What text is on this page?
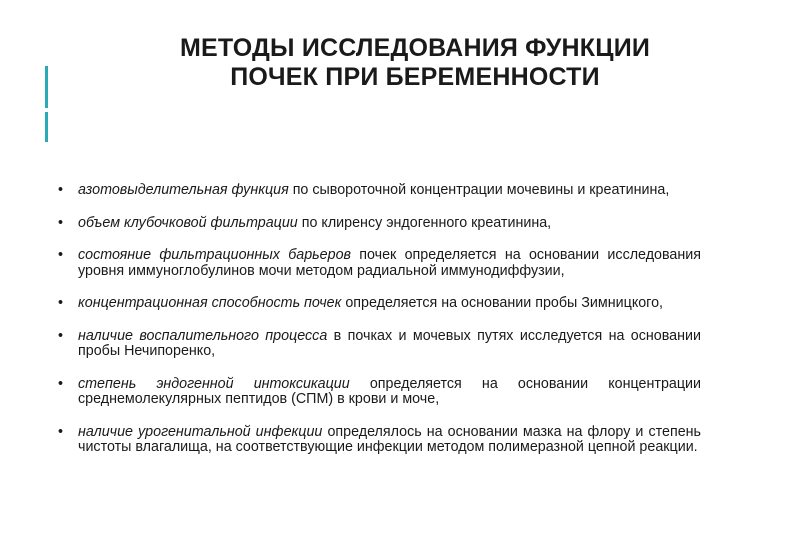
МЕТОДЫ ИССЛЕДОВАНИЯ ФУНКЦИИ
ПОЧЕК ПРИ БЕРЕМЕННОСТИ
• азотовыделительная функция по сывороточной концентрации мочевины и креатинина,
• объем клубочковой фильтрации по клиренсу эндогенного креатинина,
• состояние фильтрационных барьеров почек определяется на основании исследования уровня иммуноглобулинов мочи методом радиальной иммунодиффузии,
• концентрационная способность почек определяется на основании пробы Зимницкого,
• наличие воспалительного процесса в почках и мочевых путях исследуется на основании пробы Нечипоренко,
• степень эндогенной интоксикации определяется на основании концентрации среднемолекулярных пептидов (СПМ) в крови и моче,
• наличие урогенитальной инфекции определялось на основании мазка на флору и степень чистоты влагалища, на соответствующие инфекции методом полимеразной цепной реакции.
